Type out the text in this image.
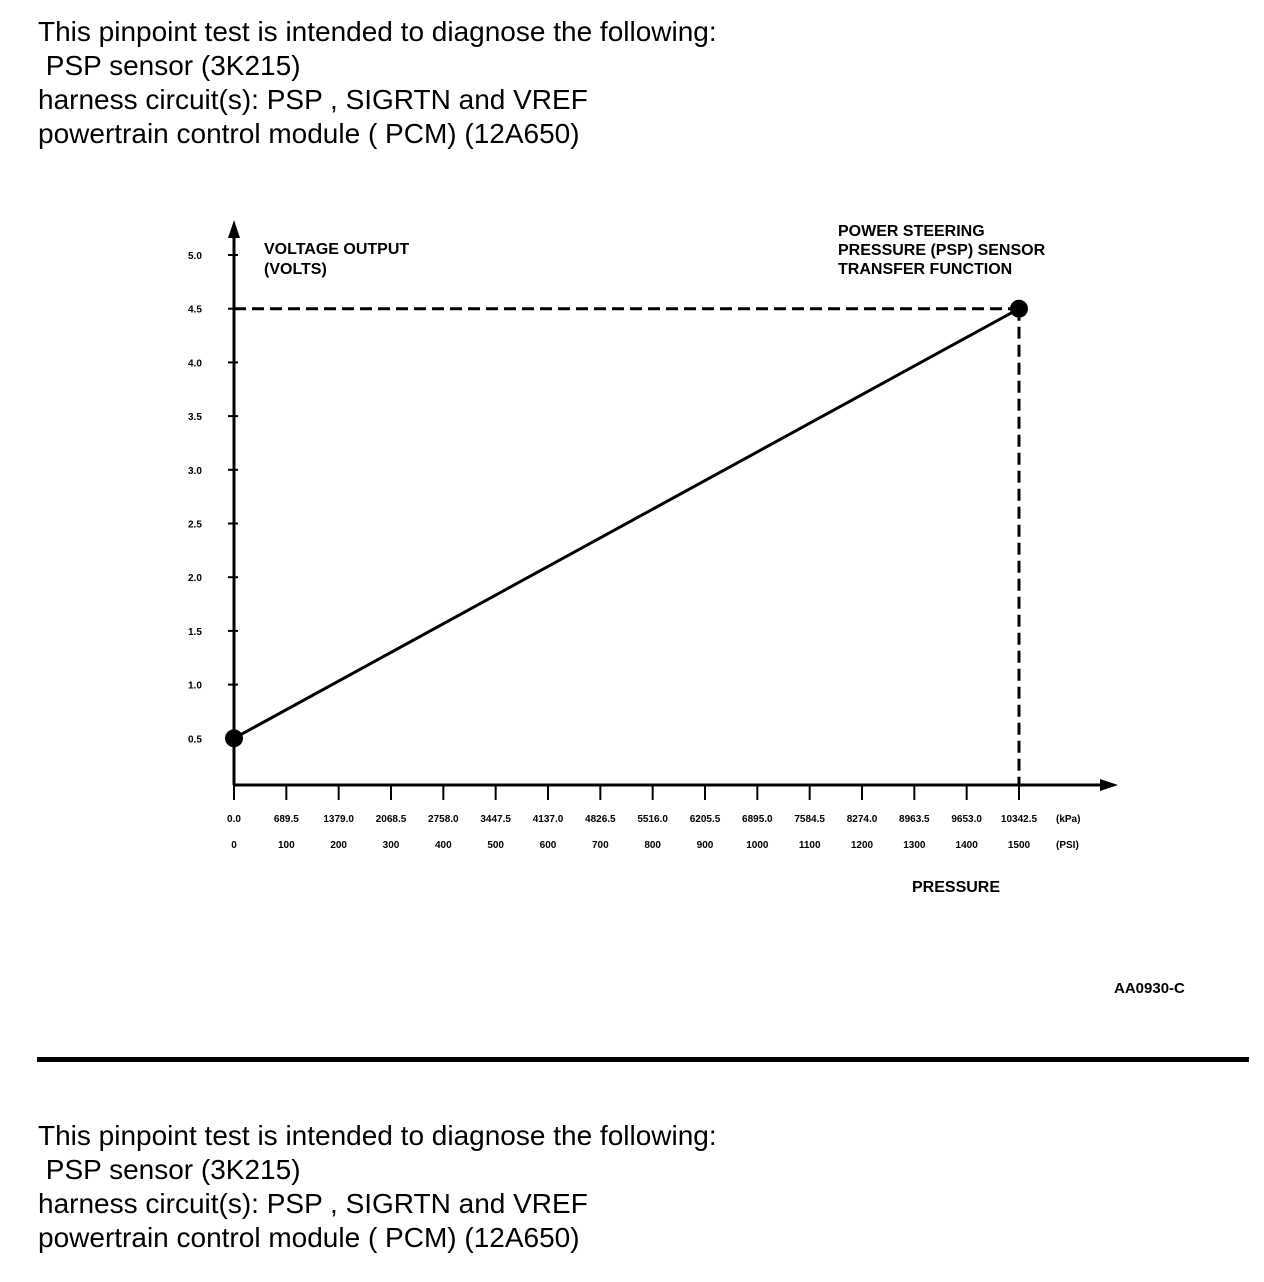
This pinpoint test is intended to diagnose the following:
PSP sensor (3K215)
harness circuit(s): PSP , SIGRTN and VREF
powertrain control module ( PCM) (12A650)
5.0
4.5
4.0
3.5
3.0
2.5
2.0
1.5
1.0
0.5
0.0
0
689.5
100
1379.0
200
2068.5
300
2758.0
400
3447.5
500
4137.0
600
4826.5
700
5516.0
800
6205.5
900
6895.0
1000
7584.5
1100
8274.0
1200
8963.5
1300
9653.0
1400
10342.5
1500
VOLTAGE OUTPUT (VOLTS)
POWER STEERING PRESSURE (PSP) SENSOR TRANSFER FUNCTION
PRESSURE
(kPa)
(PSI)
AA0930-C
This pinpoint test is intended to diagnose the following:
PSP sensor (3K215)
harness circuit(s): PSP , SIGRTN and VREF
powertrain control module ( PCM) (12A650)
